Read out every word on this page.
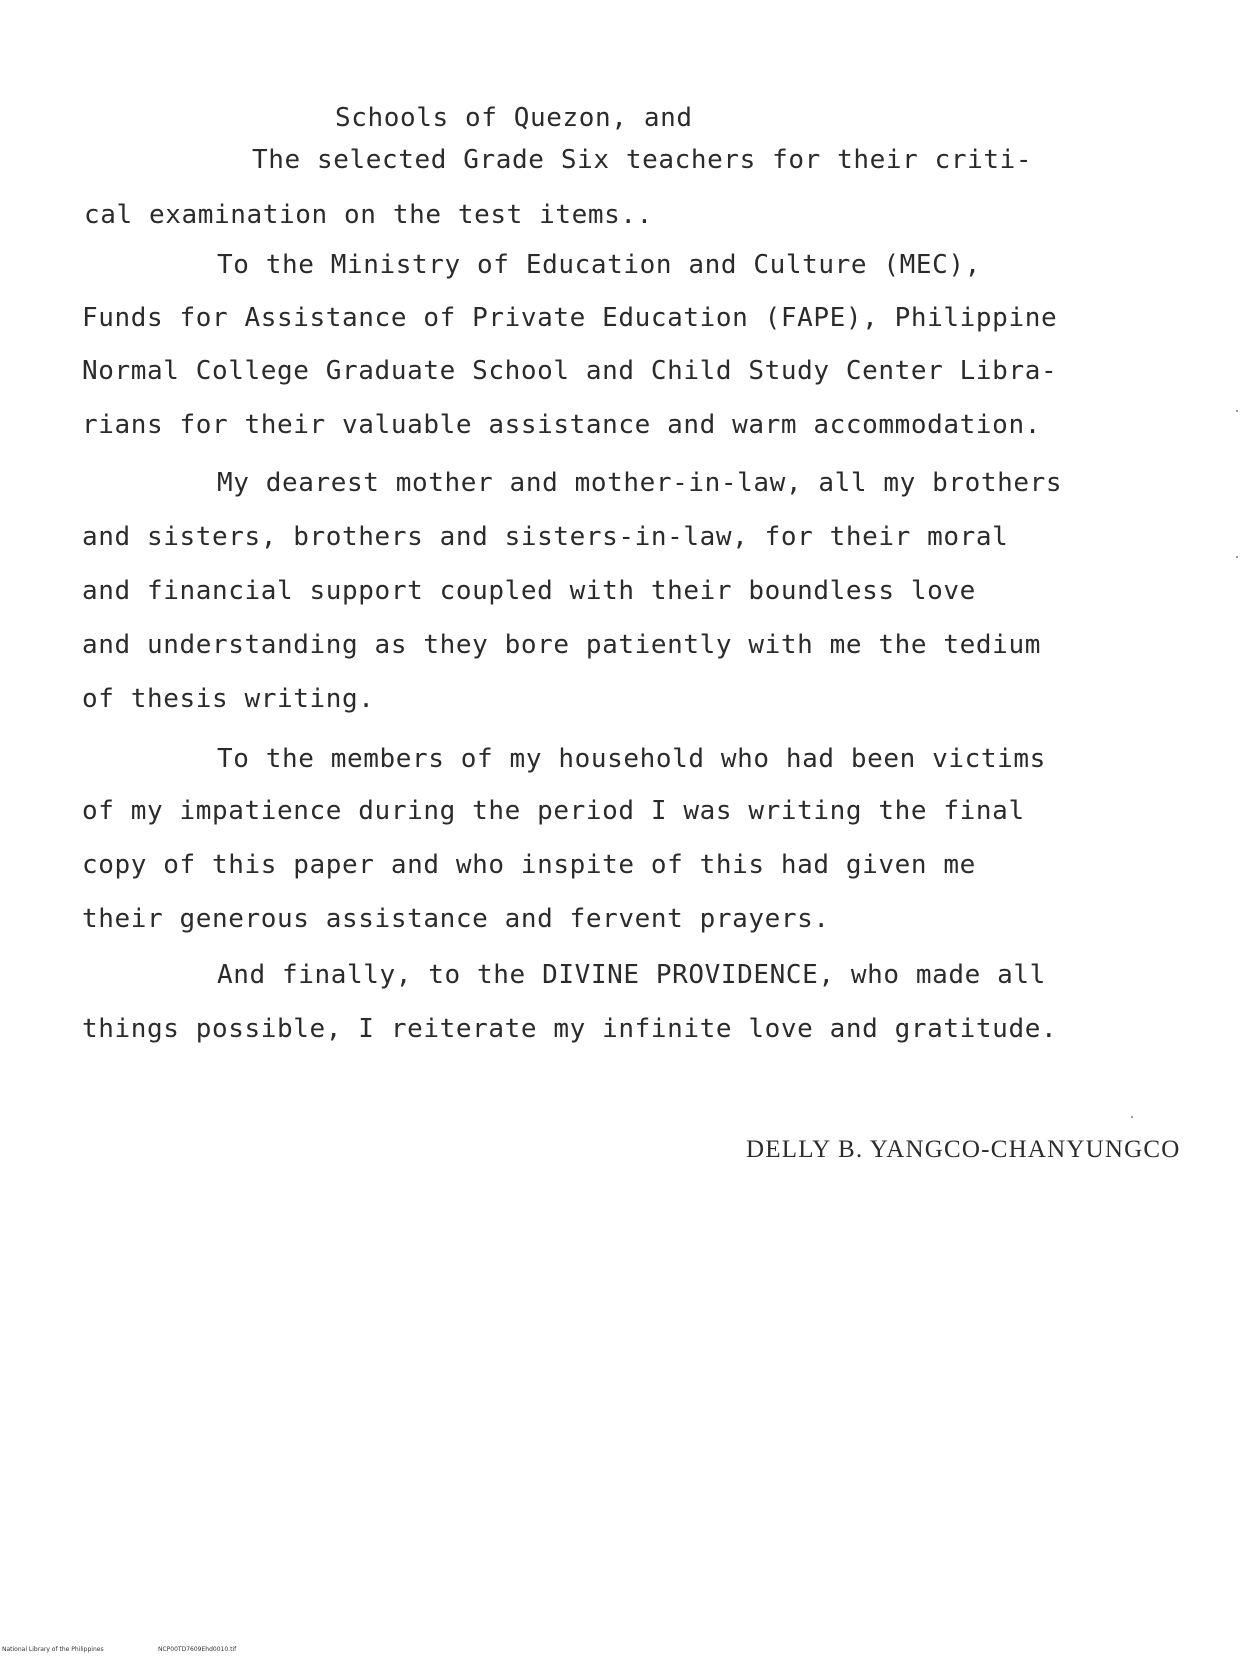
Schools of Quezon, and
The selected Grade Six teachers for their criti-
cal examination on the test items..
To the Ministry of Education and Culture (MEC),
Funds for Assistance of Private Education (FAPE), Philippine
Normal College Graduate School and Child Study Center Libra-
rians for their valuable assistance and warm accommodation.
My dearest mother and mother-in-law, all my brothers
and sisters, brothers and sisters-in-law, for their moral
and financial support coupled with their boundless love
and understanding as they bore patiently with me the tedium
of thesis writing.
To the members of my household who had been victims
of my impatience during the period I was writing the final
copy of this paper and who inspite of this had given me
their generous assistance and fervent prayers.
And finally, to the DIVINE PROVIDENCE, who made all
things possible, I reiterate my infinite love and gratitude.
DELLY B. YANGCO-CHANYUNGCO
National Library of the Philippines	NCP00TD7609Ehd0010.tif
